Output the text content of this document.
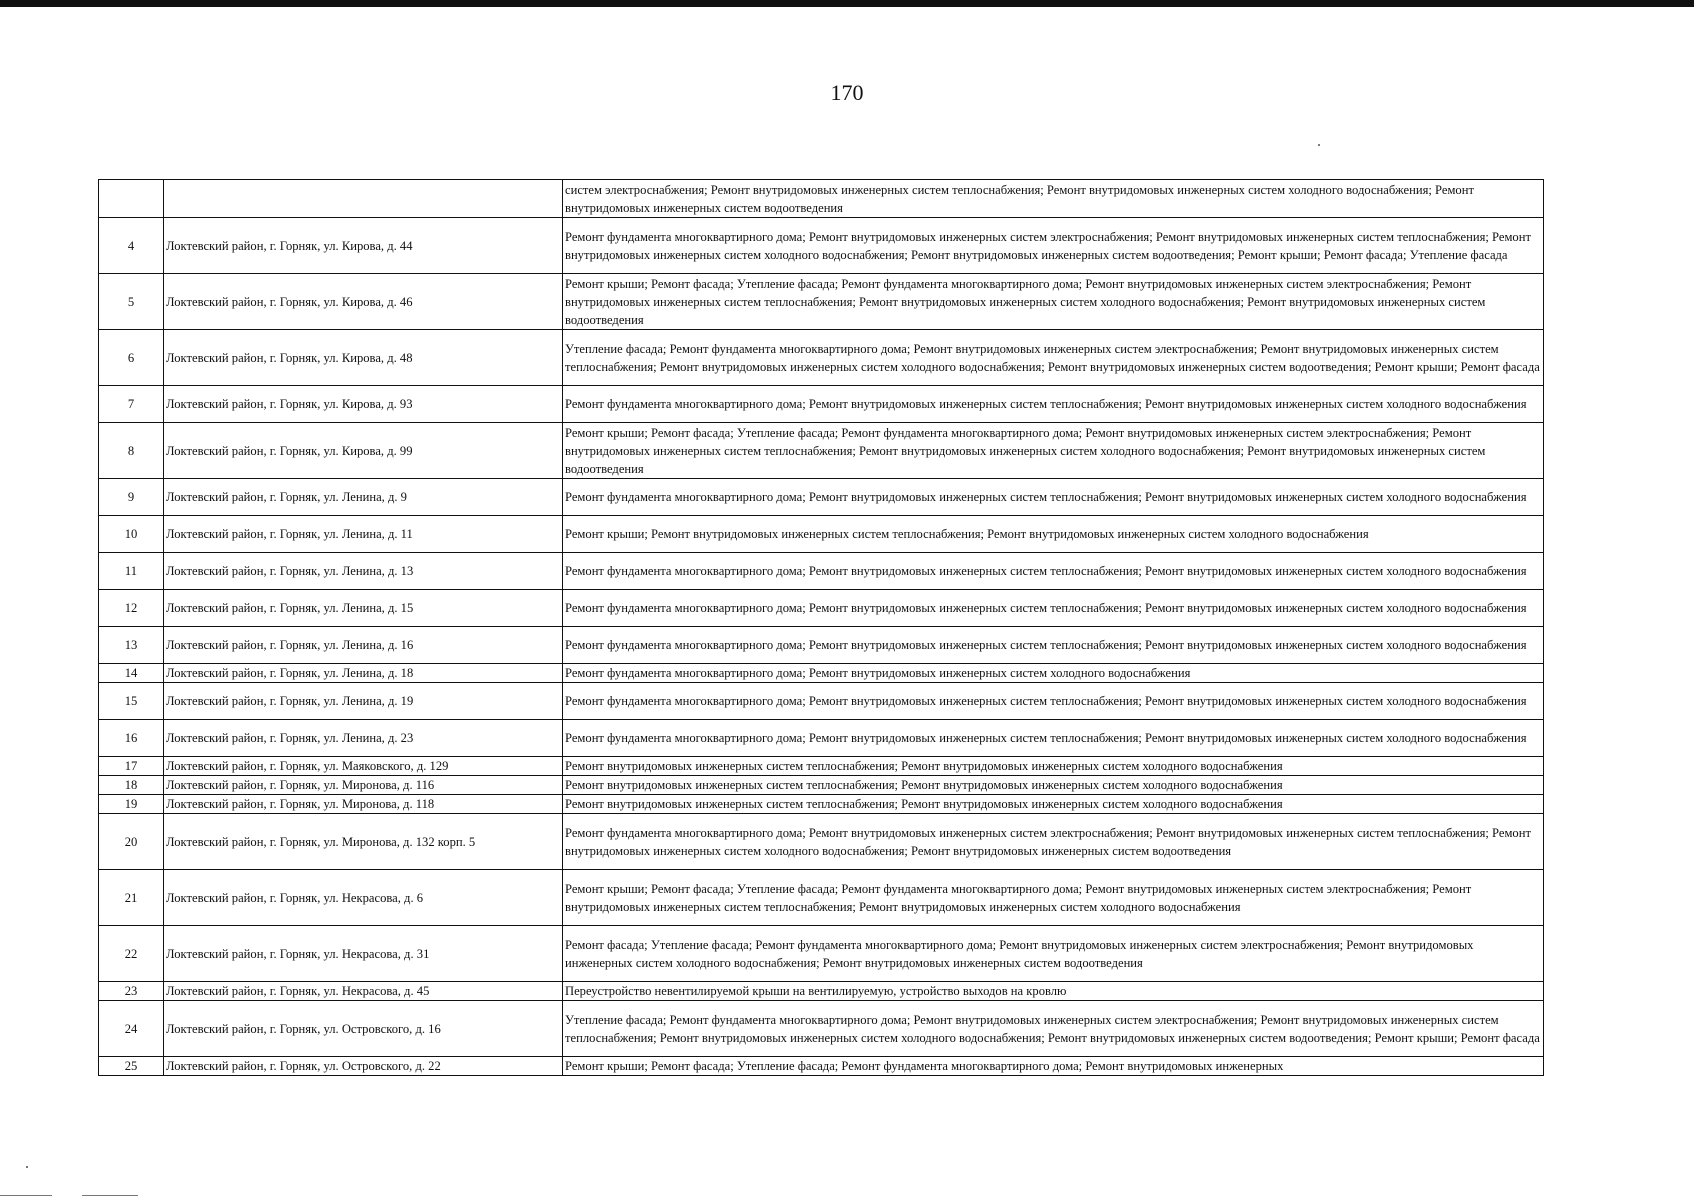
170
		систем электроснабжения; Ремонт внутридомовых инженерных систем теплоснабжения; Ремонт внутридомовых инженерных систем холодного водоснабжения; Ремонт внутридомовых инженерных систем водоотведения
4	Локтевский район, г. Горняк, ул. Кирова, д. 44	Ремонт фундамента многоквартирного дома; Ремонт внутридомовых инженерных систем электроснабжения; Ремонт внутридомовых инженерных систем теплоснабжения; Ремонт внутридомовых инженерных систем холодного водоснабжения; Ремонт внутридомовых инженерных систем водоотведения; Ремонт крыши; Ремонт фасада; Утепление фасада
5	Локтевский район, г. Горняк, ул. Кирова, д. 46	Ремонт крыши; Ремонт фасада; Утепление фасада; Ремонт фундамента многоквартирного дома; Ремонт внутридомовых инженерных систем электроснабжения; Ремонт внутридомовых инженерных систем теплоснабжения; Ремонт внутридомовых инженерных систем холодного водоснабжения; Ремонт внутридомовых инженерных систем водоотведения
6	Локтевский район, г. Горняк, ул. Кирова, д. 48	Утепление фасада; Ремонт фундамента многоквартирного дома; Ремонт внутридомовых инженерных систем электроснабжения; Ремонт внутридомовых инженерных систем теплоснабжения; Ремонт внутридомовых инженерных систем холодного водоснабжения; Ремонт внутридомовых инженерных систем водоотведения; Ремонт крыши; Ремонт фасада
7	Локтевский район, г. Горняк, ул. Кирова, д. 93	Ремонт фундамента многоквартирного дома; Ремонт внутридомовых инженерных систем теплоснабжения; Ремонт внутридомовых инженерных систем холодного водоснабжения
8	Локтевский район, г. Горняк, ул. Кирова, д. 99	Ремонт крыши; Ремонт фасада; Утепление фасада; Ремонт фундамента многоквартирного дома; Ремонт внутридомовых инженерных систем электроснабжения; Ремонт внутридомовых инженерных систем теплоснабжения; Ремонт внутридомовых инженерных систем холодного водоснабжения; Ремонт внутридомовых инженерных систем водоотведения
9	Локтевский район, г. Горняк, ул. Ленина, д. 9	Ремонт фундамента многоквартирного дома; Ремонт внутридомовых инженерных систем теплоснабжения; Ремонт внутридомовых инженерных систем холодного водоснабжения
10	Локтевский район, г. Горняк, ул. Ленина, д. 11	Ремонт крыши; Ремонт внутридомовых инженерных систем теплоснабжения; Ремонт внутридомовых инженерных систем холодного водоснабжения
11	Локтевский район, г. Горняк, ул. Ленина, д. 13	Ремонт фундамента многоквартирного дома; Ремонт внутридомовых инженерных систем теплоснабжения; Ремонт внутридомовых инженерных систем холодного водоснабжения
12	Локтевский район, г. Горняк, ул. Ленина, д. 15	Ремонт фундамента многоквартирного дома; Ремонт внутридомовых инженерных систем теплоснабжения; Ремонт внутридомовых инженерных систем холодного водоснабжения
13	Локтевский район, г. Горняк, ул. Ленина, д. 16	Ремонт фундамента многоквартирного дома; Ремонт внутридомовых инженерных систем теплоснабжения; Ремонт внутридомовых инженерных систем холодного водоснабжения
14	Локтевский район, г. Горняк, ул. Ленина, д. 18	Ремонт фундамента многоквартирного дома; Ремонт внутридомовых инженерных систем холодного водоснабжения
15	Локтевский район, г. Горняк, ул. Ленина, д. 19	Ремонт фундамента многоквартирного дома; Ремонт внутридомовых инженерных систем теплоснабжения; Ремонт внутридомовых инженерных систем холодного водоснабжения
16	Локтевский район, г. Горняк, ул. Ленина, д. 23	Ремонт фундамента многоквартирного дома; Ремонт внутридомовых инженерных систем теплоснабжения; Ремонт внутридомовых инженерных систем холодного водоснабжения
17	Локтевский район, г. Горняк, ул. Маяковского, д. 129	Ремонт внутридомовых инженерных систем теплоснабжения; Ремонт внутридомовых инженерных систем холодного водоснабжения
18	Локтевский район, г. Горняк, ул. Миронова, д. 116	Ремонт внутридомовых инженерных систем теплоснабжения; Ремонт внутридомовых инженерных систем холодного водоснабжения
19	Локтевский район, г. Горняк, ул. Миронова, д. 118	Ремонт внутридомовых инженерных систем теплоснабжения; Ремонт внутридомовых инженерных систем холодного водоснабжения
20	Локтевский район, г. Горняк, ул. Миронова, д. 132 корп. 5	Ремонт фундамента многоквартирного дома; Ремонт внутридомовых инженерных систем электроснабжения; Ремонт внутридомовых инженерных систем теплоснабжения; Ремонт внутридомовых инженерных систем холодного водоснабжения; Ремонт внутридомовых инженерных систем водоотведения
21	Локтевский район, г. Горняк, ул. Некрасова, д. 6	Ремонт крыши; Ремонт фасада; Утепление фасада; Ремонт фундамента многоквартирного дома; Ремонт внутридомовых инженерных систем электроснабжения; Ремонт внутридомовых инженерных систем теплоснабжения; Ремонт внутридомовых инженерных систем холодного водоснабжения
22	Локтевский район, г. Горняк, ул. Некрасова, д. 31	Ремонт фасада; Утепление фасада; Ремонт фундамента многоквартирного дома; Ремонт внутридомовых инженерных систем электроснабжения; Ремонт внутридомовых инженерных систем холодного водоснабжения; Ремонт внутридомовых инженерных систем водоотведения
23	Локтевский район, г. Горняк, ул. Некрасова, д. 45	Переустройство невентилируемой крыши на вентилируемую, устройство выходов на кровлю
24	Локтевский район, г. Горняк, ул. Островского, д. 16	Утепление фасада; Ремонт фундамента многоквартирного дома; Ремонт внутридомовых инженерных систем электроснабжения; Ремонт внутридомовых инженерных систем теплоснабжения; Ремонт внутридомовых инженерных систем холодного водоснабжения; Ремонт внутридомовых инженерных систем водоотведения; Ремонт крыши; Ремонт фасада
25	Локтевский район, г. Горняк, ул. Островского, д. 22	Ремонт крыши; Ремонт фасада; Утепление фасада; Ремонт фундамента многоквартирного дома; Ремонт внутридомовых инженерных
